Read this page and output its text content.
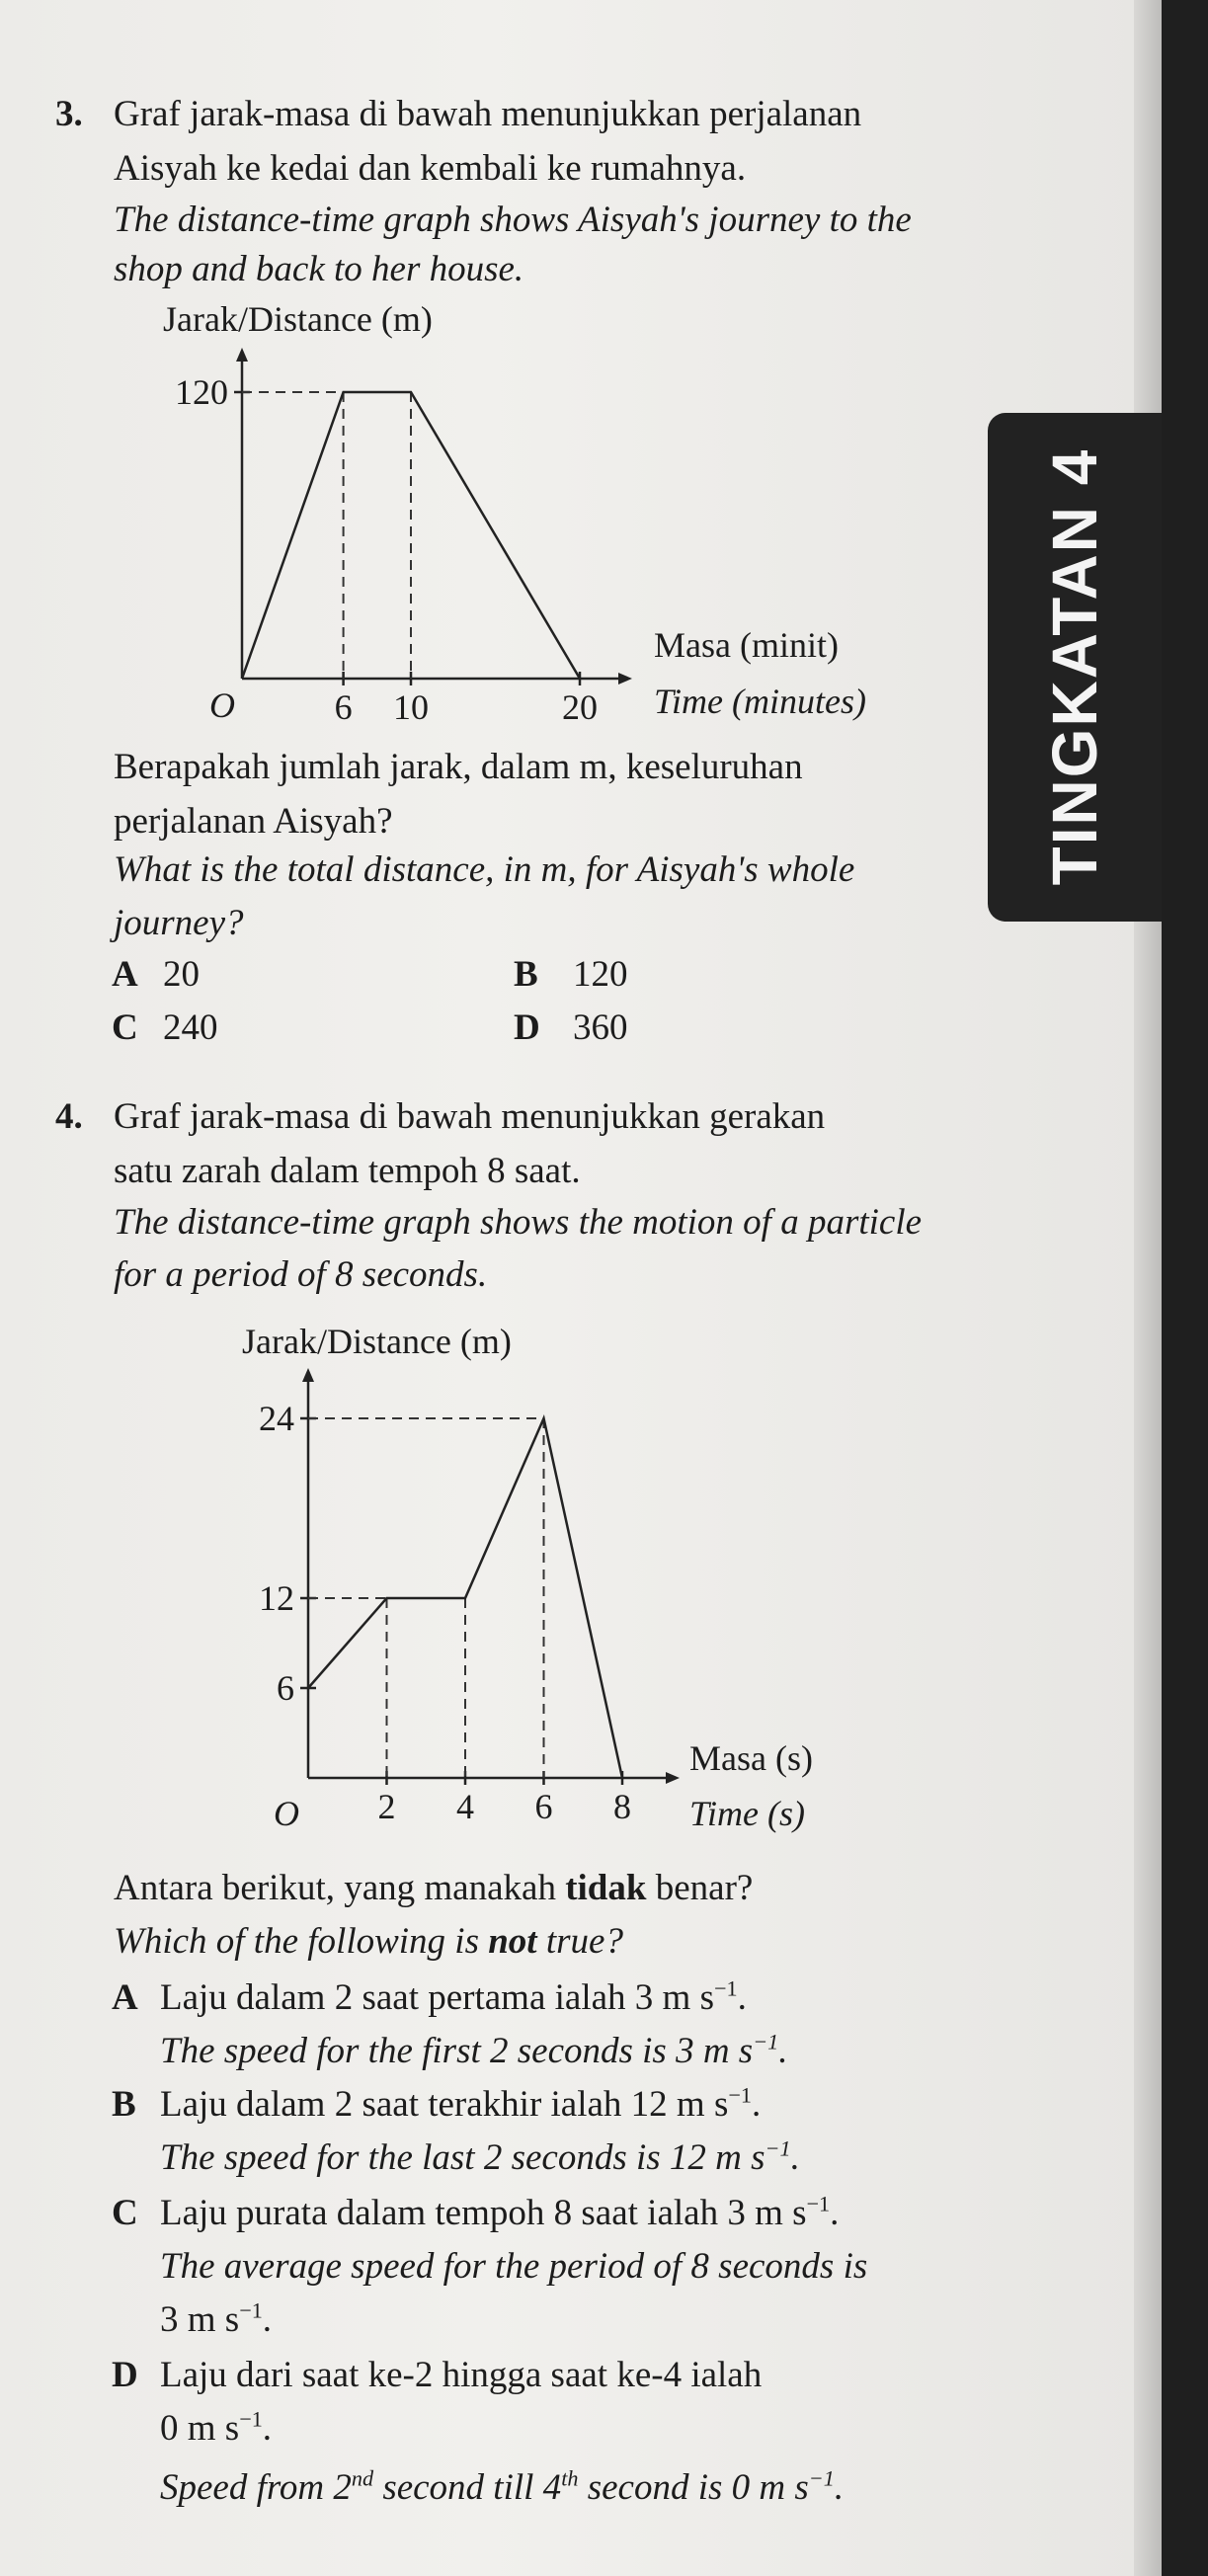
TINGKATAN 4
3. Graf jarak-masa di bawah menunjukkan perjalanan
Aisyah ke kedai dan kembali ke rumahnya.
The distance-time graph shows Aisyah's journey to the
shop and back to her house.
Jarak/Distance (m)
O
Masa (minit)
Time (minutes)
120
6 10	20
Jarak/Distance (m)
O
Masa (s)
Time (s)
24
12
6
2 4 6 8
Berapakah jumlah jarak, dalam m, keseluruhan
perjalanan Aisyah?
What is the total distance, in m, for Aisyah's whole
journey?
A 20	B 120
C 240	D 360
4. Graf jarak-masa di bawah menunjukkan gerakan
satu zarah dalam tempoh 8 saat.
The distance-time graph shows the motion of a particle
for a period of 8 seconds.
Antara berikut, yang manakah tidak benar?
Which of the following is not true?
A Laju dalam 2 saat pertama ialah 3 m $s^{-1}$.
The speed for the first 2 seconds is 3 m $s^{-1}$.
B Laju dalam 2 saat terakhir ialah 12 m $s^{-1}$.
The speed for the last 2 seconds is 12 m $s^{-1}$.
C Laju purata dalam tempoh 8 saat ialah 3 m $s^{-1}$.
The average speed for the period of 8 seconds is
3 m $s^{-1}$.
D Laju dari saat ke-2 hingga saat ke-4 ialah
0 m $s^{-1}$.
Speed from 2nd second till 4th second is 0 m $s^{-1}$.
